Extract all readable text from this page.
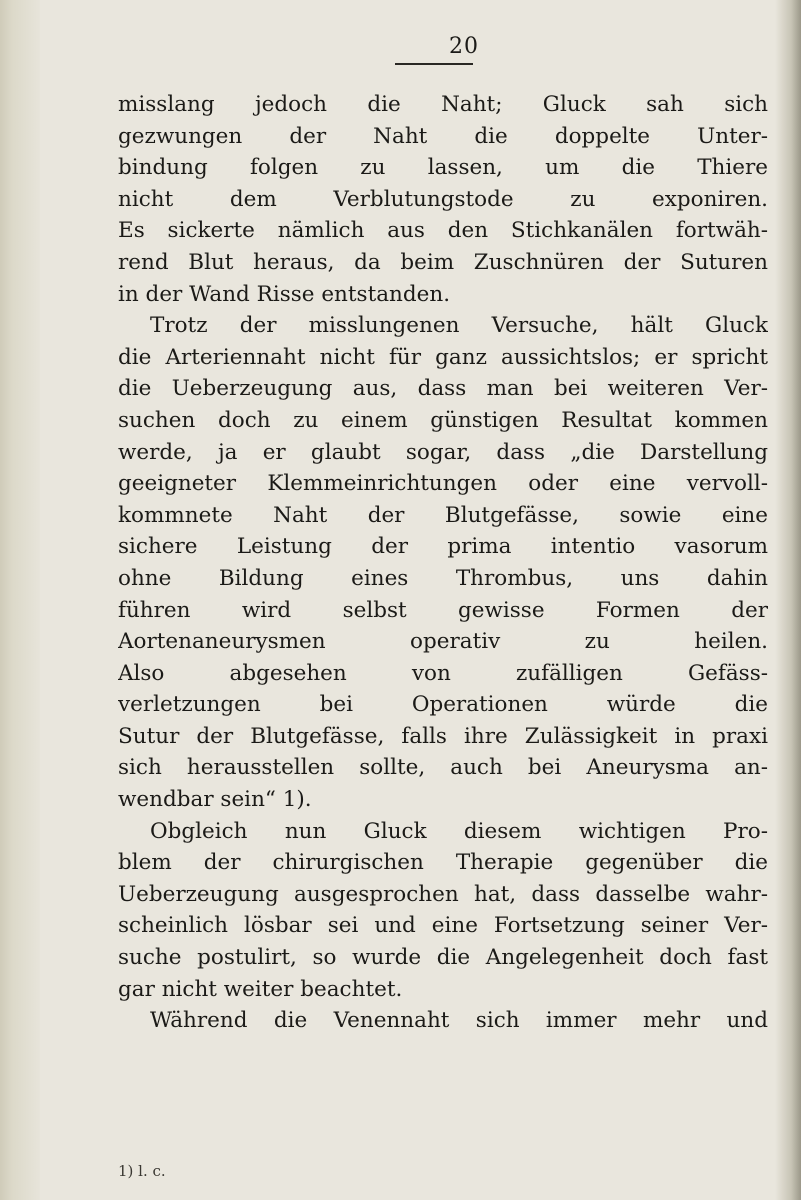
20
misslang jedoch die Naht; Gluck sah sich
gezwungen der Naht die doppelte Unter-
bindung folgen zu lassen, um die Thiere
nicht dem Verblutungstode zu exponiren.
Es sickerte nämlich aus den Stichkanälen fortwäh-
rend Blut heraus, da beim Zuschnüren der Suturen
in der Wand Risse entstanden.
Trotz der misslungenen Versuche, hält Gluck
die Arteriennaht nicht für ganz aussichtslos; er spricht
die Ueberzeugung aus, dass man bei weiteren Ver-
suchen doch zu einem günstigen Resultat kommen
werde, ja er glaubt sogar, dass „die Darstellung
geeigneter Klemmeinrichtungen oder eine vervoll-
kommnete Naht der Blutgefässe, sowie eine
sichere Leistung der prima intentio vasorum
ohne Bildung eines Thrombus, uns dahin
führen wird selbst gewisse Formen der
Aortenaneurysmen operativ zu heilen.
Also abgesehen von zufälligen Gefäss-
verletzungen bei Operationen würde die
Sutur der Blutgefässe, falls ihre Zulässigkeit in praxi
sich herausstellen sollte, auch bei Aneurysma an-
wendbar sein“ 1).
Obgleich nun Gluck diesem wichtigen Pro-
blem der chirurgischen Therapie gegenüber die
Ueberzeugung ausgesprochen hat, dass dasselbe wahr-
scheinlich lösbar sei und eine Fortsetzung seiner Ver-
suche postulirt, so wurde die Angelegenheit doch fast
gar nicht weiter beachtet.
Während die Venennaht sich immer mehr und
1) l. c.
